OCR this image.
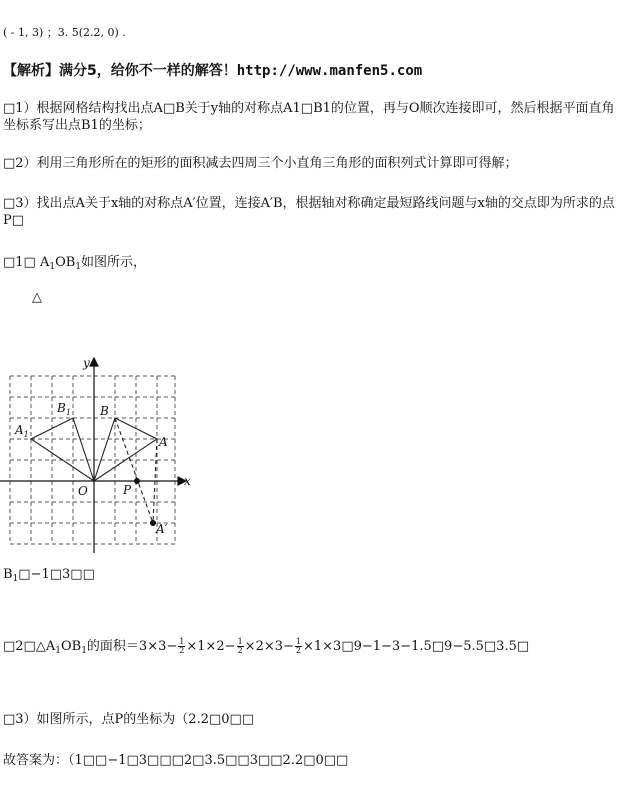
( - 1, 3) ；3. 5(2.2, 0) .
【解析】满分5，给你不一样的解答！http://www.manfen5.com
□1）根据网格结构找出点A□B关于y轴的对称点A1□B1的位置，再与O顺次连接即可，然后根据平面直角坐标系写出点B1的坐标；
□2）利用三角形所在的矩形的面积减去四周三个小直角三角形的面积列式计算即可得解；
□3）找出点A关于x轴的对称点A′位置，连接A′B，根据轴对称确定最短路线问题与x轴的交点即为所求的点P□
□1□ $A_1OB_1$如图所示，
△
y
x
O
A
B
$A_1$
$B_1$
P
A′
$B_1□-1□3□□$
$□2□\triangle A_1OB_1$的面积$=3\times 3- \frac{1}{2} \times 1\times 2- \frac{1}{2} \times 2\times 3- \frac{1}{2}$ ×1×3□9−1−3−1.5□9−5.5□3.5□
□3）如图所示，点P的坐标为（2.2□0□□
故答案为：（1□□−1□3□□□2□3.5□□3□□2.2□0□□
